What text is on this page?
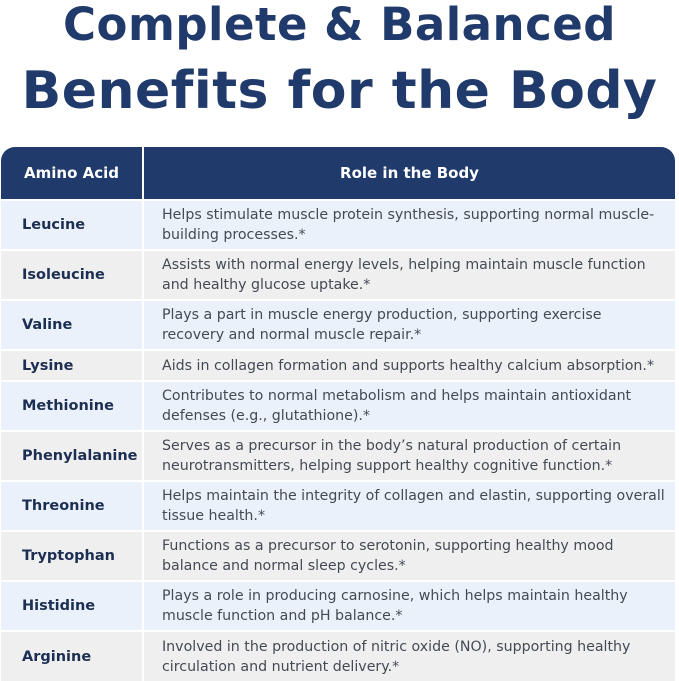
Complete & Balanced
Benefits for the Body
Amino Acid	Role in the Body
Leucine
Helps stimulate muscle protein synthesis, supporting normal muscle-building processes.*
Isoleucine
Assists with normal energy levels, helping maintain muscle function and healthy glucose uptake.*
Valine
Plays a part in muscle energy production, supporting exercise recovery and normal muscle repair.*
Lysine	Aids in collagen formation and supports healthy calcium absorption.*
Methionine
Contributes to normal metabolism and helps maintain antioxidant defenses (e.g., glutathione).*
Phenylalanine
Serves as a precursor in the body’s natural production of certain neurotransmitters, helping support healthy cognitive function.*
Threonine
Helps maintain the integrity of collagen and elastin, supporting overall tissue health.*
Tryptophan
Functions as a precursor to serotonin, supporting healthy mood balance and normal sleep cycles.*
Histidine
Plays a role in producing carnosine, which helps maintain healthy muscle function and pH balance.*
Arginine
Involved in the production of nitric oxide (NO), supporting healthy circulation and nutrient delivery.*
